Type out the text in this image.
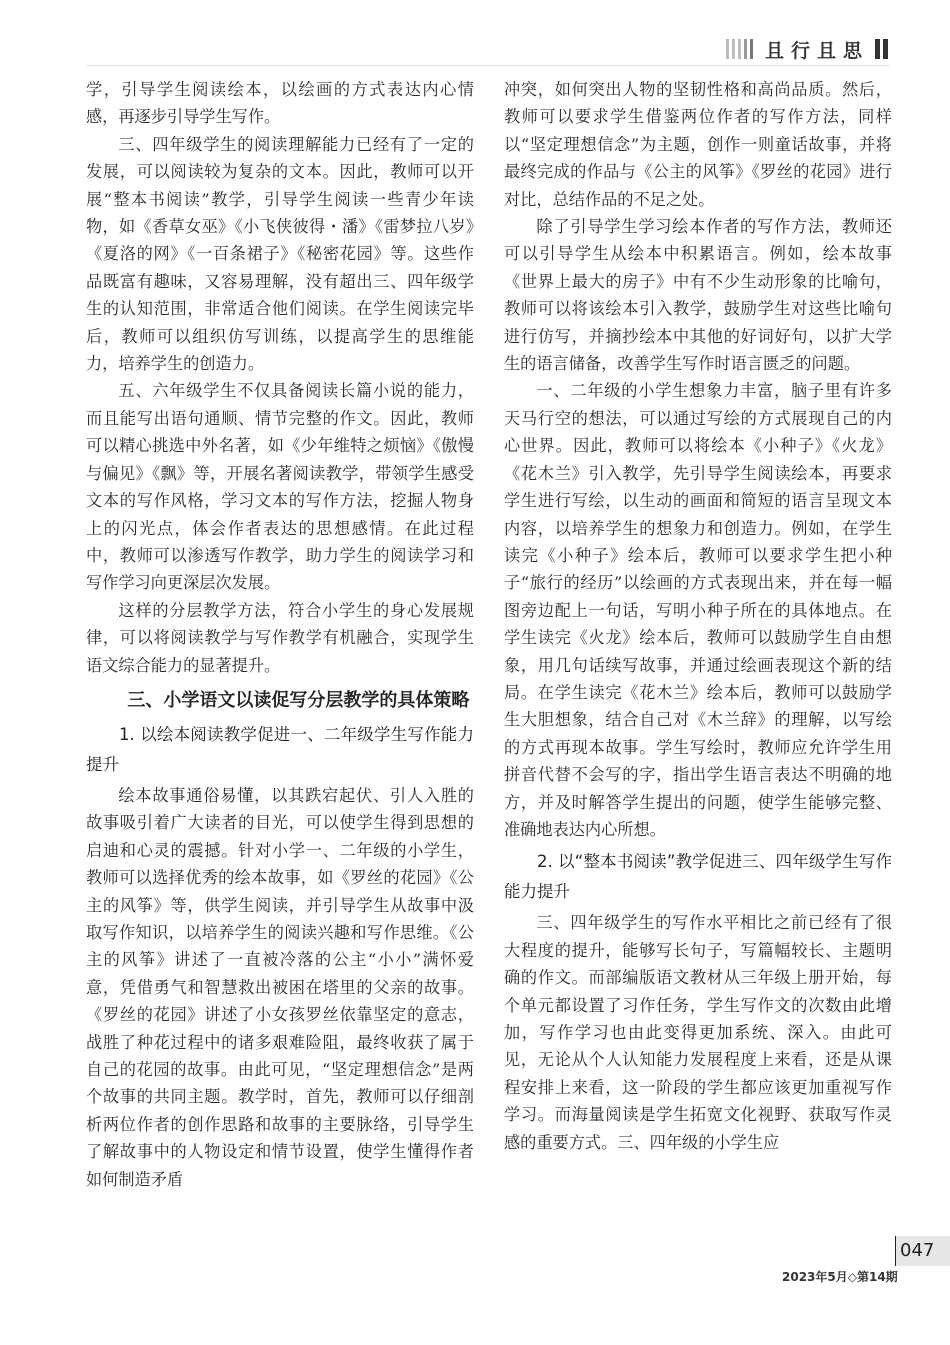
且行且思

学，引导学生阅读绘本，以绘画的方式表达内心情感，再逐步引导学生写作。

三、四年级学生的阅读理解能力已经有了一定的发展，可以阅读较为复杂的文本。因此，教师可以开展“整本书阅读”教学，引导学生阅读一些青少年读物，如《香草女巫》《小飞侠彼得・潘》《雷梦拉八岁》《夏洛的网》《一百条裙子》《秘密花园》等。这些作品既富有趣味，又容易理解，没有超出三、四年级学生的认知范围，非常适合他们阅读。在学生阅读完毕后，教师可以组织仿写训练，以提高学生的思维能力，培养学生的创造力。

五、六年级学生不仅具备阅读长篇小说的能力，而且能写出语句通顺、情节完整的作文。因此，教师可以精心挑选中外名著，如《少年维特之烦恼》《傲慢与偏见》《飘》等，开展名著阅读教学，带领学生感受文本的写作风格，学习文本的写作方法，挖掘人物身上的闪光点，体会作者表达的思想感情。在此过程中，教师可以渗透写作教学，助力学生的阅读学习和写作学习向更深层次发展。

这样的分层教学方法，符合小学生的身心发展规律，可以将阅读教学与写作教学有机融合，实现学生语文综合能力的显著提升。

三、小学语文以读促写分层教学的具体策略
1. 以绘本阅读教学促进一、二年级学生写作能力提升

绘本故事通俗易懂，以其跌宕起伏、引人入胜的故事吸引着广大读者的目光，可以使学生得到思想的启迪和心灵的震撼。针对小学一、二年级的小学生，教师可以选择优秀的绘本故事，如《罗丝的花园》《公主的风筝》等，供学生阅读，并引导学生从故事中汲取写作知识，以培养学生的阅读兴趣和写作思维。《公主的风筝》讲述了一直被冷落的公主“小小”满怀爱意，凭借勇气和智慧救出被困在塔里的父亲的故事。《罗丝的花园》讲述了小女孩罗丝依靠坚定的意志，战胜了种花过程中的诸多艰难险阻，最终收获了属于自己的花园的故事。由此可见，“坚定理想信念”是两个故事的共同主题。教学时，首先，教师可以仔细剖析两位作者的创作思路和故事的主要脉络，引导学生了解故事中的人物设定和情节设置，使学生懂得作者如何制造矛盾

冲突，如何突出人物的坚韧性格和高尚品质。然后，教师可以要求学生借鉴两位作者的写作方法，同样以“坚定理想信念”为主题，创作一则童话故事，并将最终完成的作品与《公主的风筝》《罗丝的花园》进行对比，总结作品的不足之处。

除了引导学生学习绘本作者的写作方法，教师还可以引导学生从绘本中积累语言。例如，绘本故事《世界上最大的房子》中有不少生动形象的比喻句，教师可以将该绘本引入教学，鼓励学生对这些比喻句进行仿写，并摘抄绘本中其他的好词好句，以扩大学生的语言储备，改善学生写作时语言匮乏的问题。

一、二年级的小学生想象力丰富，脑子里有许多天马行空的想法，可以通过写绘的方式展现自己的内心世界。因此，教师可以将绘本《小种子》《火龙》《花木兰》引入教学，先引导学生阅读绘本，再要求学生进行写绘，以生动的画面和简短的语言呈现文本内容，以培养学生的想象力和创造力。例如，在学生读完《小种子》绘本后，教师可以要求学生把小种子“旅行的经历”以绘画的方式表现出来，并在每一幅图旁边配上一句话，写明小种子所在的具体地点。在学生读完《火龙》绘本后，教师可以鼓励学生自由想象，用几句话续写故事，并通过绘画表现这个新的结局。在学生读完《花木兰》绘本后，教师可以鼓励学生大胆想象，结合自己对《木兰辞》的理解，以写绘的方式再现本故事。学生写绘时，教师应允许学生用拼音代替不会写的字，指出学生语言表达不明确的地方，并及时解答学生提出的问题，使学生能够完整、准确地表达内心所想。

2. 以“整本书阅读”教学促进三、四年级学生写作能力提升

三、四年级学生的写作水平相比之前已经有了很大程度的提升，能够写长句子，写篇幅较长、主题明确的作文。而部编版语文教材从三年级上册开始，每个单元都设置了习作任务，学生写作文的次数由此增加，写作学习也由此变得更加系统、深入。由此可见，无论从个人认知能力发展程度上来看，还是从课程安排上来看，这一阶段的学生都应该更加重视写作学习。而海量阅读是学生拓宽文化视野、获取写作灵感的重要方式。三、四年级的小学生应

047
2023年5月◇第14期
